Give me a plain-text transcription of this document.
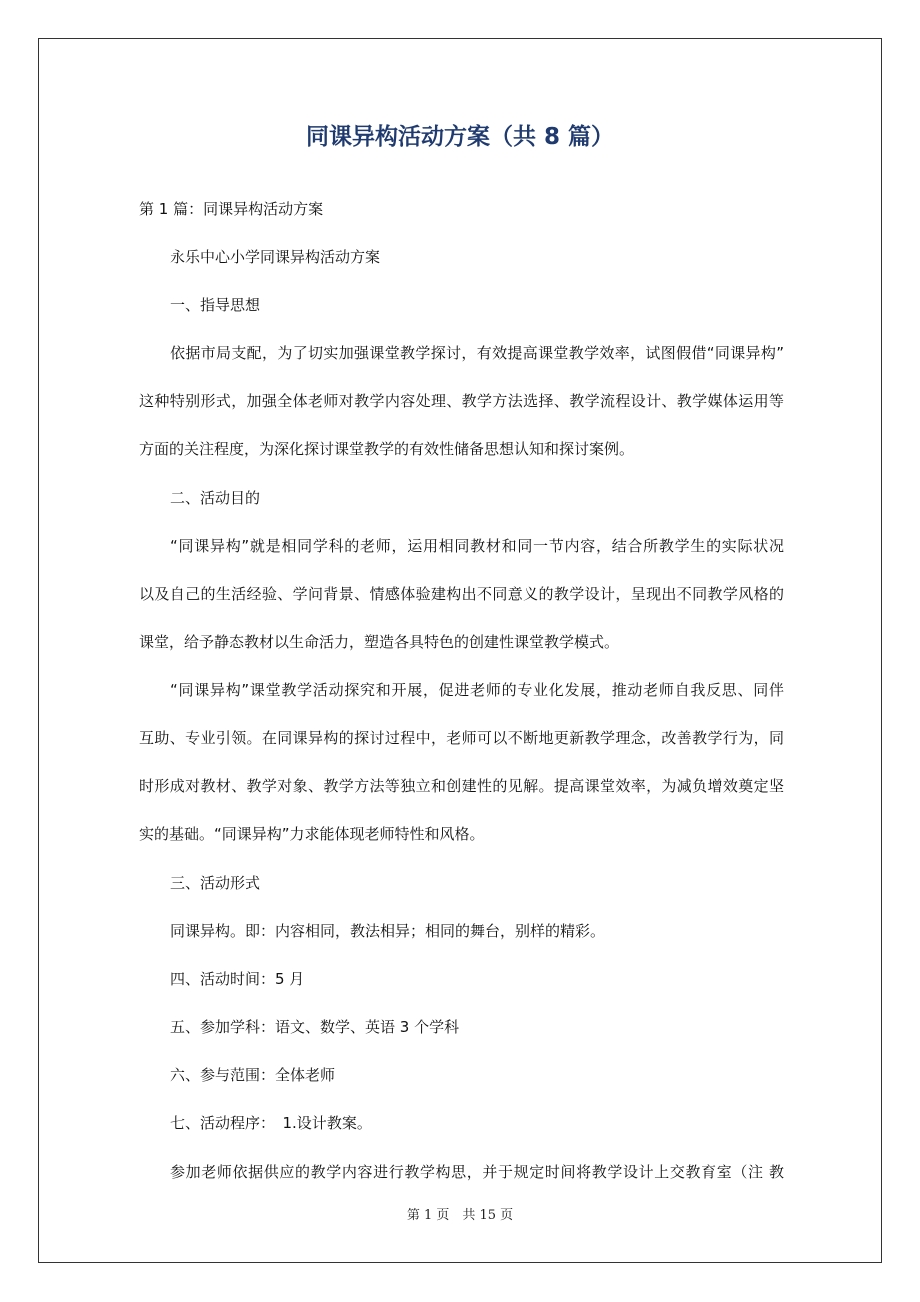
同课异构活动方案（共 8 篇）
第 1 篇：同课异构活动方案
永乐中心小学同课异构活动方案
一、指导思想
依据市局支配，为了切实加强课堂教学探讨，有效提高课堂教学效率，试图假借“同课异构”
这种特别形式，加强全体老师对教学内容处理、教学方法选择、教学流程设计、教学媒体运用等
方面的关注程度，为深化探讨课堂教学的有效性储备思想认知和探讨案例。
二、活动目的
“同课异构”就是相同学科的老师，运用相同教材和同一节内容，结合所教学生的实际状况
以及自己的生活经验、学问背景、情感体验建构出不同意义的教学设计，呈现出不同教学风格的
课堂，给予静态教材以生命活力，塑造各具特色的创建性课堂教学模式。
“同课异构”课堂教学活动探究和开展，促进老师的专业化发展，推动老师自我反思、同伴
互助、专业引领。在同课异构的探讨过程中，老师可以不断地更新教学理念，改善教学行为，同
时形成对教材、教学对象、教学方法等独立和创建性的见解。提高课堂效率，为减负增效奠定坚
实的基础。“同课异构”力求能体现老师特性和风格。
三、活动形式
同课异构。即：内容相同，教法相异；相同的舞台，别样的精彩。
四、活动时间：5 月
五、参加学科：语文、数学、英语 3 个学科
六、参与范围：全体老师
七、活动程序：　1.设计教案。
参加老师依据供应的教学内容进行教学构思，并于规定时间将教学设计上交教育室（注 教
第 1 页　共 15 页
